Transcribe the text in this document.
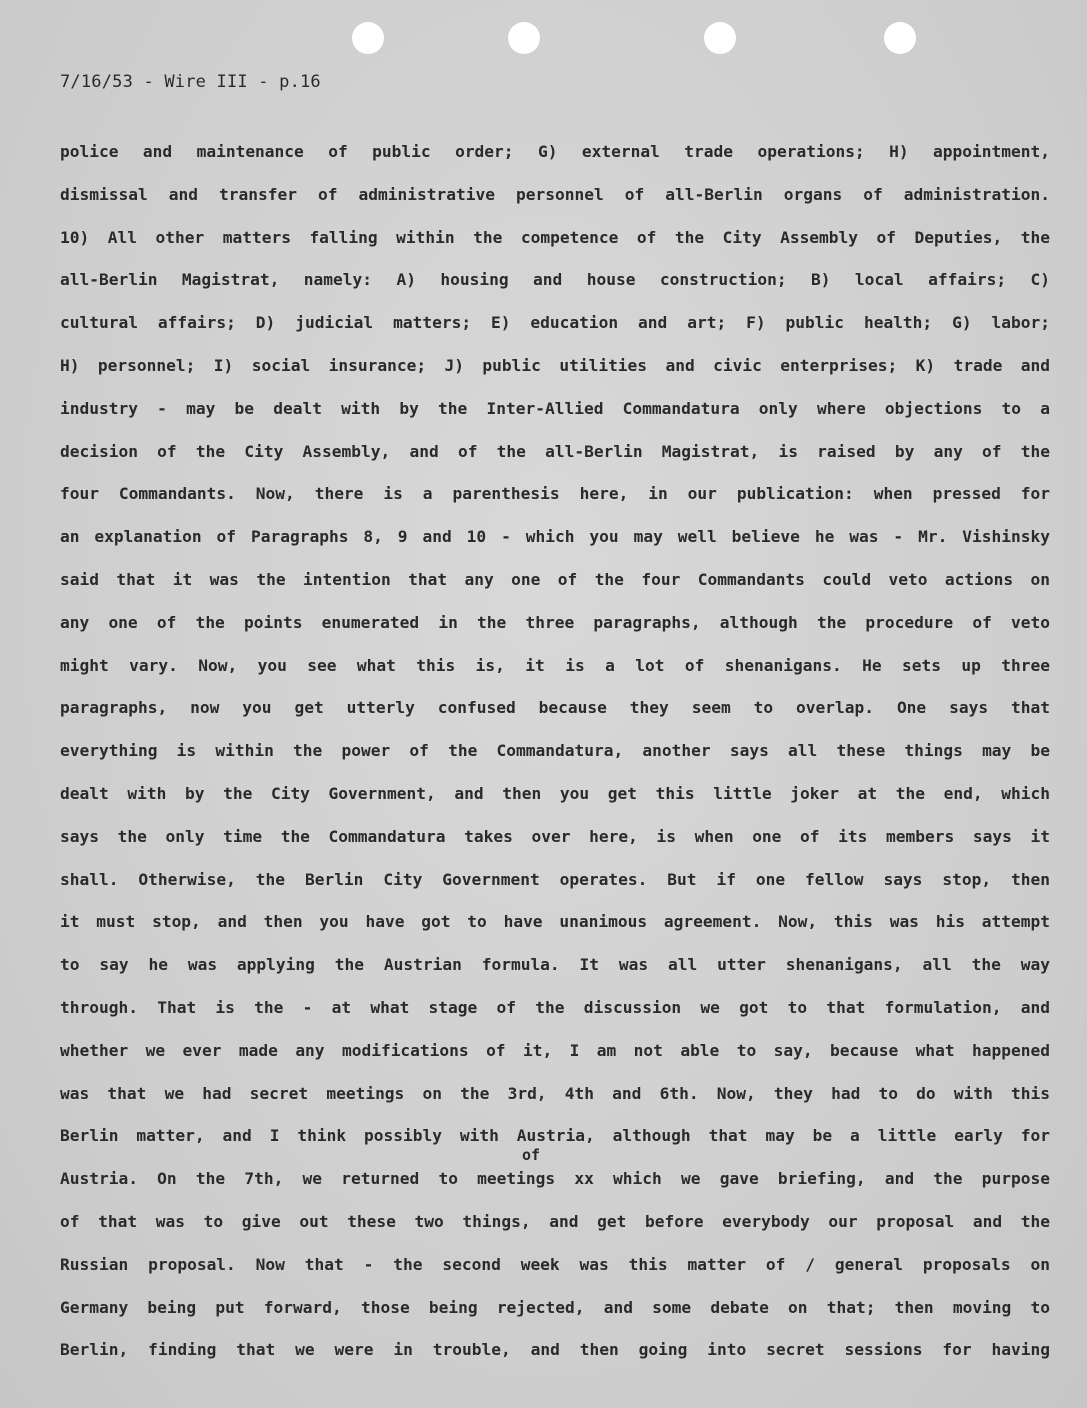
7/16/53 - Wire III - p.16
of
police and maintenance of public order; G) external trade operations; H) appointment,
dismissal and transfer of administrative personnel of all-Berlin organs of administration.
10) All other matters falling within the competence of the City Assembly of Deputies, the
all-Berlin Magistrat, namely: A) housing and house construction; B) local affairs; C)
cultural affairs; D) judicial matters; E) education and art; F) public health; G) labor;
H) personnel; I) social insurance; J) public utilities and civic enterprises; K) trade and
industry - may be dealt with by the Inter-Allied Commandatura only where objections to a
decision of the City Assembly, and of the all-Berlin Magistrat, is raised by any of the
four Commandants. Now, there is a parenthesis here, in our publication: when pressed for
an explanation of Paragraphs 8, 9 and 10 - which you may well believe he was - Mr. Vishinsky
said that it was the intention that any one of the four Commandants could veto actions on
any one of the points enumerated in the three paragraphs, although the procedure of veto
might vary. Now, you see what this is, it is a lot of shenanigans. He sets up three
paragraphs, now you get utterly confused because they seem to overlap. One says that
everything is within the power of the Commandatura, another says all these things may be
dealt with by the City Government, and then you get this little joker at the end, which
says the only time the Commandatura takes over here, is when one of its members says it
shall. Otherwise, the Berlin City Government operates. But if one fellow says stop, then
it must stop, and then you have got to have unanimous agreement. Now, this was his attempt
to say he was applying the Austrian formula. It was all utter shenanigans, all the way
through. That is the - at what stage of the discussion we got to that formulation, and
whether we ever made any modifications of it, I am not able to say, because what happened
was that we had secret meetings on the 3rd, 4th and 6th. Now, they had to do with this
Berlin matter, and I think possibly with Austria, although that may be a little early for
Austria. On the 7th, we returned to meetings xx which we gave briefing, and the purpose
of that was to give out these two things, and get before everybody our proposal and the
Russian proposal. Now that - the second week was this matter of / general proposals on
Germany being put forward, those being rejected, and some debate on that; then moving to
Berlin, finding that we were in trouble, and then going into secret sessions for having
